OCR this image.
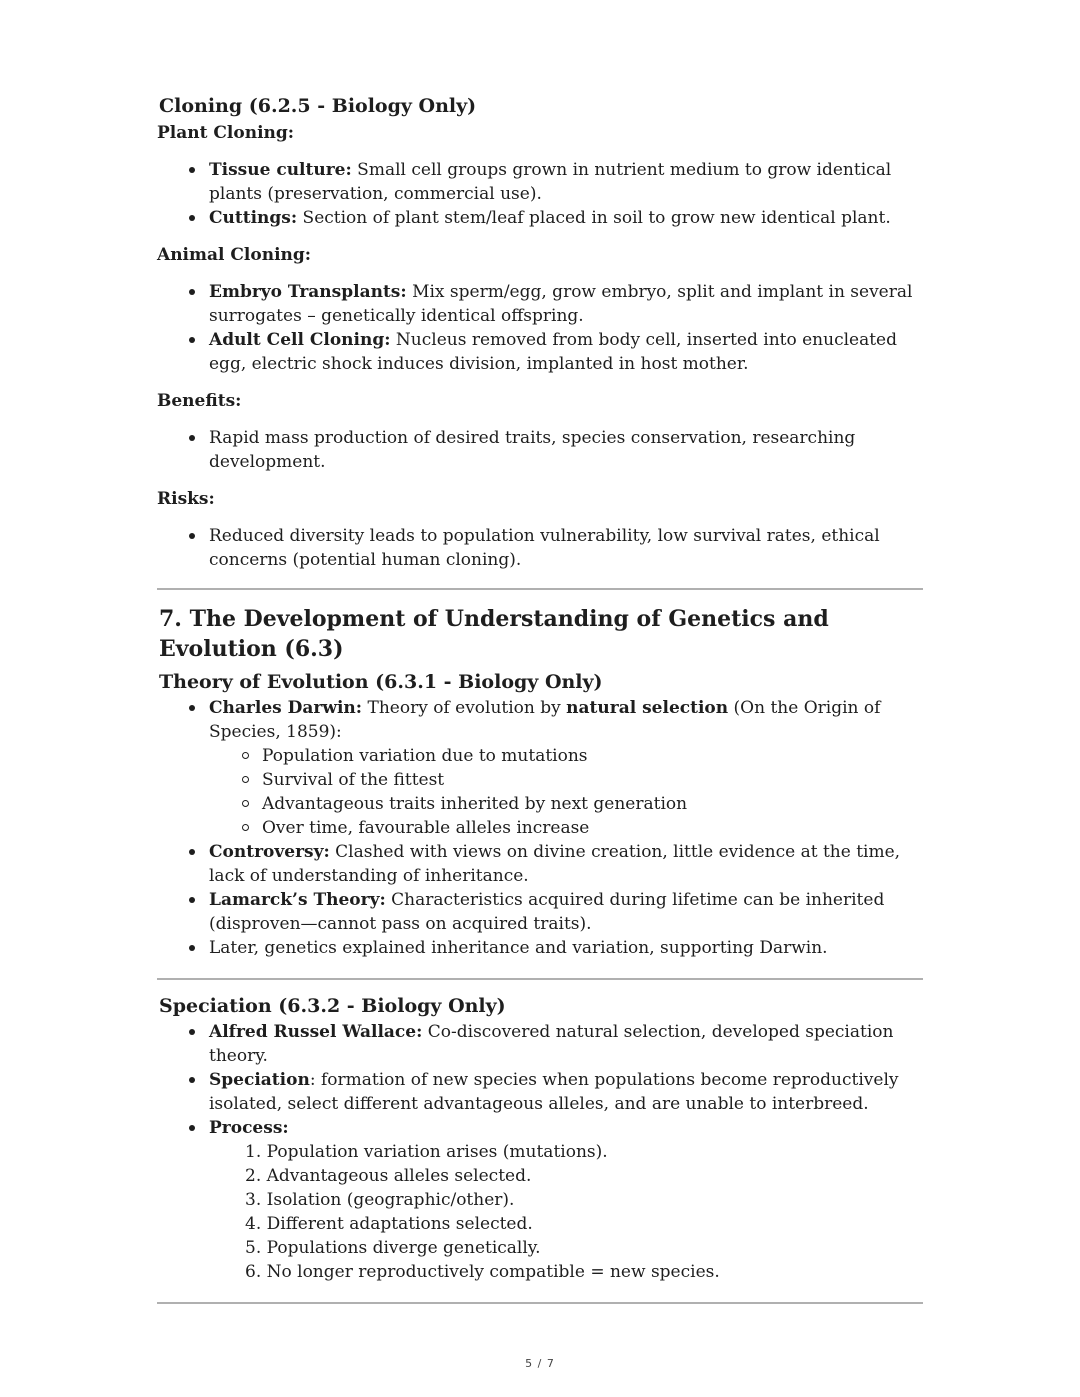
Cloning (6.2.5 - Biology Only)
Plant Cloning:
Tissue culture: Small cell groups grown in nutrient medium to grow identical plants (preservation, commercial use).
Cuttings: Section of plant stem/leaf placed in soil to grow new identical plant.
Animal Cloning:
Embryo Transplants: Mix sperm/egg, grow embryo, split and implant in several surrogates – genetically identical offspring.
Adult Cell Cloning: Nucleus removed from body cell, inserted into enucleated egg, electric shock induces division, implanted in host mother.
Benefits:
Rapid mass production of desired traits, species conservation, researching development.
Risks:
Reduced diversity leads to population vulnerability, low survival rates, ethical concerns (potential human cloning).
7. The Development of Understanding of Genetics and Evolution (6.3)
Theory of Evolution (6.3.1 - Biology Only)
Charles Darwin: Theory of evolution by natural selection (On the Origin of Species, 1859):
Population variation due to mutations
Survival of the fittest
Advantageous traits inherited by next generation
Over time, favourable alleles increase
Controversy: Clashed with views on divine creation, little evidence at the time, lack of understanding of inheritance.
Lamarck’s Theory: Characteristics acquired during lifetime can be inherited (disproven—cannot pass on acquired traits).
Later, genetics explained inheritance and variation, supporting Darwin.
Speciation (6.3.2 - Biology Only)
Alfred Russel Wallace: Co-discovered natural selection, developed speciation theory.
Speciation: formation of new species when populations become reproductively isolated, select different advantageous alleles, and are unable to interbreed.
Process:
1. Population variation arises (mutations).
2. Advantageous alleles selected.
3. Isolation (geographic/other).
4. Different adaptations selected.
5. Populations diverge genetically.
6. No longer reproductively compatible = new species.
5 / 7
